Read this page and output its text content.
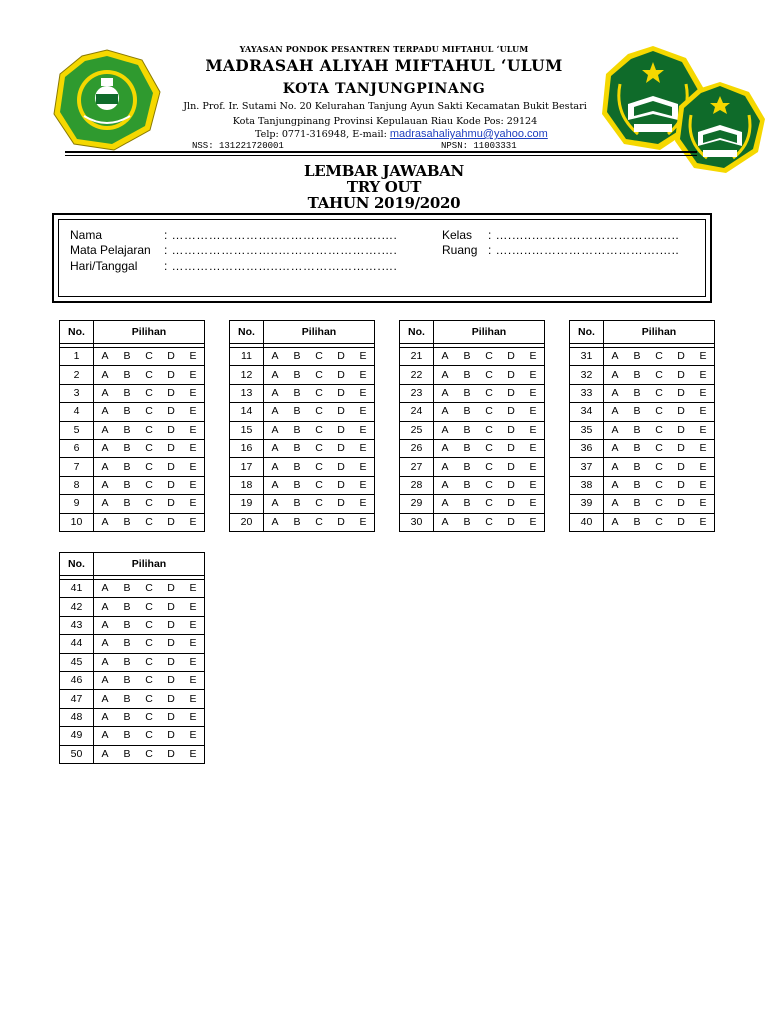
YAYASAN PONDOK PESANTREN TERPADU MIFTAHUL ‘ULUM
MADRASAH ALIYAH MIFTAHUL ‘ULUM
KOTA TANJUNGPINANG
Jln. Prof. Ir. Sutami No. 20 Kelurahan Tanjung Ayun Sakti Kecamatan Bukit Bestari
Kota Tanjungpinang Provinsi Kepulauan Riau Kode Pos: 29124
Telp: 0771-316948, E-mail: madrasahaliyahmu@yahoo.com
NSS: 131221720001	NPSN: 11003331
LEMBAR JAWABAN
TRY OUT
TAHUN 2019/2020
Nama	: ……………………..…………………….….
Mata Pelajaran : ……………………..…………………….….
Hari/Tanggal : ……………………..…………………….….
Kelas : ….…..………………………….…..
Ruang : ….…..………………………….…..
No.	Pilihan				

1	A	B	C	D	E
2	A	B	C	D	E
3	A	B	C	D	E
4	A	B	C	D	E
5	A	B	C	D	E
6	A	B	C	D	E
7	A	B	C	D	E
8	A	B	C	D	E
9	A	B	C	D	E
10	A	B	C	D	E
No.	Pilihan				

11	A	B	C	D	E
12	A	B	C	D	E
13	A	B	C	D	E
14	A	B	C	D	E
15	A	B	C	D	E
16	A	B	C	D	E
17	A	B	C	D	E
18	A	B	C	D	E
19	A	B	C	D	E
20	A	B	C	D	E
No.	Pilihan				

21	A	B	C	D	E
22	A	B	C	D	E
23	A	B	C	D	E
24	A	B	C	D	E
25	A	B	C	D	E
26	A	B	C	D	E
27	A	B	C	D	E
28	A	B	C	D	E
29	A	B	C	D	E
30	A	B	C	D	E
No.	Pilihan				

31	A	B	C	D	E
32	A	B	C	D	E
33	A	B	C	D	E
34	A	B	C	D	E
35	A	B	C	D	E
36	A	B	C	D	E
37	A	B	C	D	E
38	A	B	C	D	E
39	A	B	C	D	E
40	A	B	C	D	E
No.	Pilihan				

41	A	B	C	D	E
42	A	B	C	D	E
43	A	B	C	D	E
44	A	B	C	D	E
45	A	B	C	D	E
46	A	B	C	D	E
47	A	B	C	D	E
48	A	B	C	D	E
49	A	B	C	D	E
50	A	B	C	D	E
